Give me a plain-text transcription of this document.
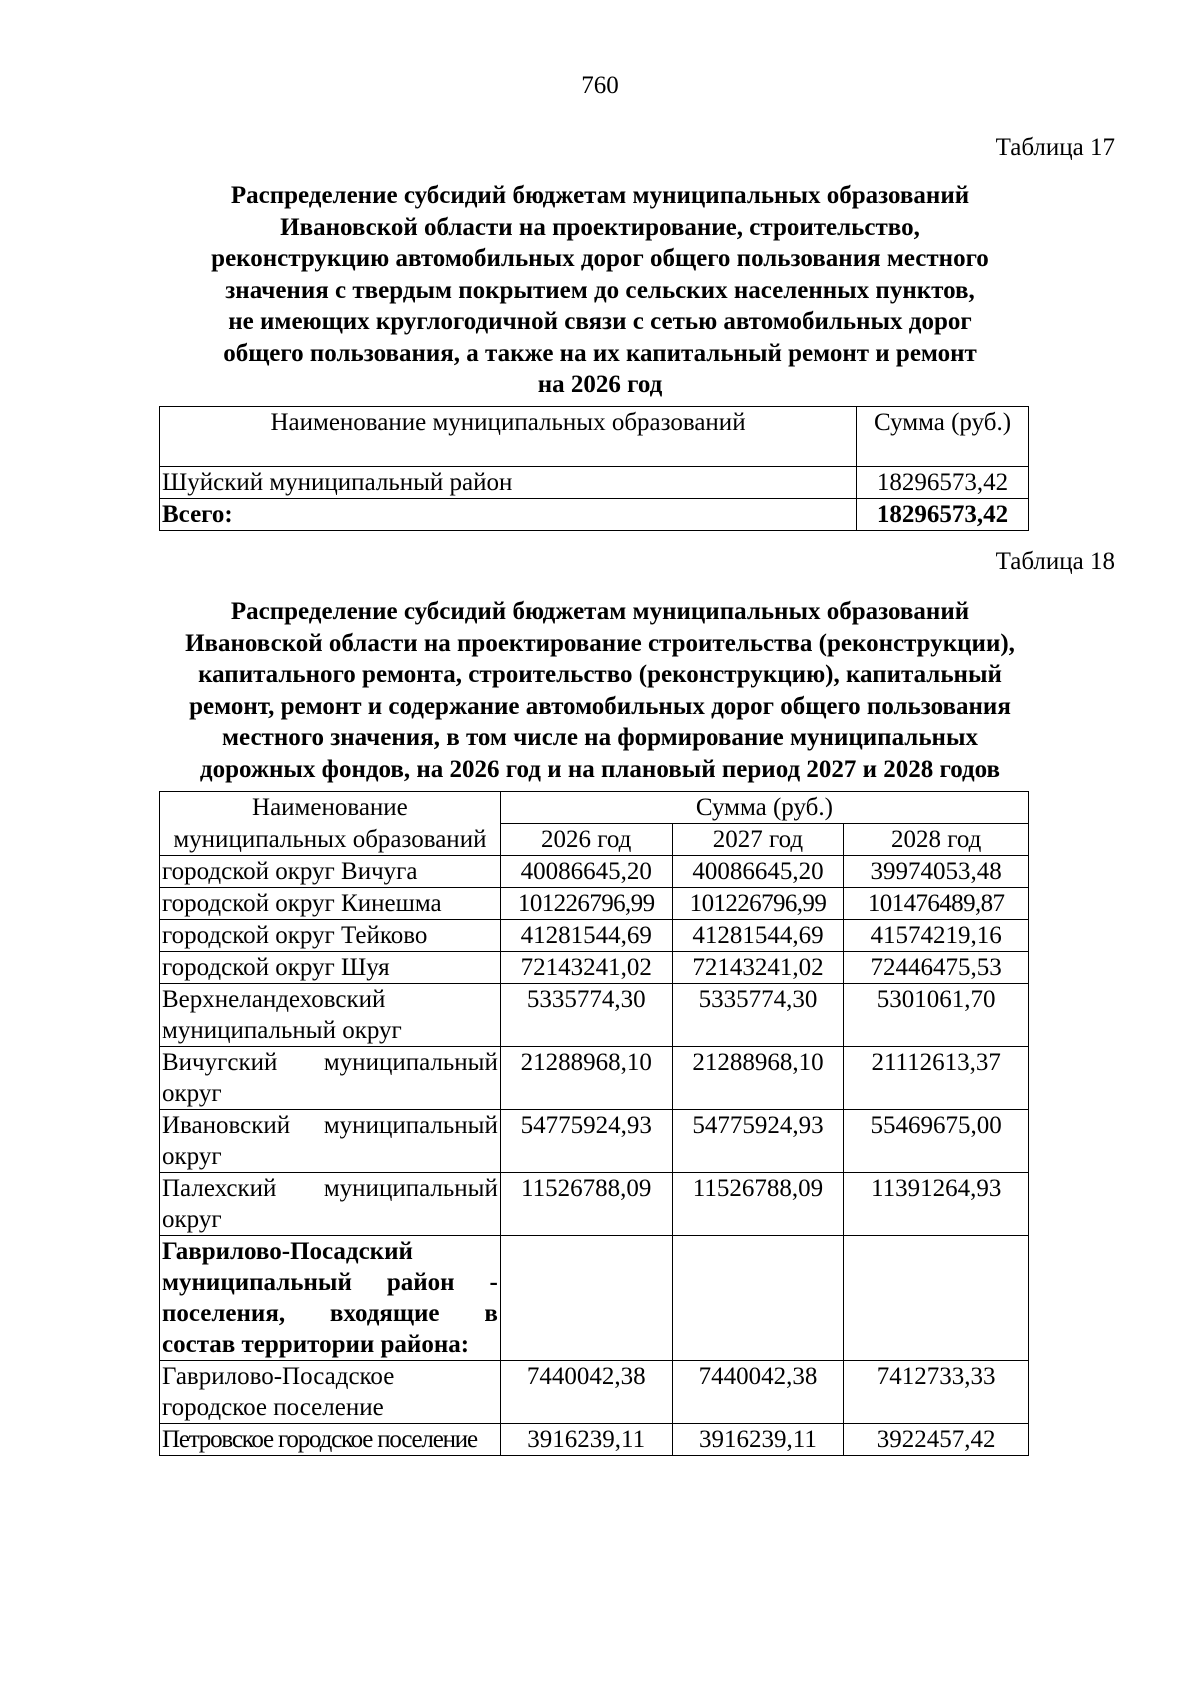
760
Таблица 17
Распределение субсидий бюджетам муниципальных образований
Ивановской области на проектирование, строительство,
реконструкцию автомобильных дорог общего пользования местного
значения с твердым покрытием до сельских населенных пунктов,
не имеющих круглогодичной связи с сетью автомобильных дорог
общего пользования, а также на их капитальный ремонт и ремонт
на 2026 год
Наименование муниципальных образований	Сумма (руб.)
Шуйский муниципальный район	18296573,42
Всего:	18296573,42
Таблица 18
Распределение субсидий бюджетам муниципальных образований
Ивановской области на проектирование строительства (реконструкции),
капитального ремонта, строительство (реконструкцию), капитальный
ремонт, ремонт и содержание автомобильных дорог общего пользования
местного значения, в том числе на формирование муниципальных
дорожных фондов, на 2026 год и на плановый период 2027 и 2028 годов
Наименование	Сумма (руб.)		
муниципальных образований	2026 год	2027 год	2028 год
городской округ Вичуга	40086645,20	40086645,20	39974053,48
городской округ Кинешма	101226796,99	101226796,99	101476489,87
городской округ Тейково	41281544,69	41281544,69	41574219,16
городской округ Шуя	72143241,02	72143241,02	72446475,53
Верхнеландеховский муниципальный округ	5335774,30	5335774,30	5301061,70
Вичугский муниципальный округ	21288968,10	21288968,10	21112613,37
Ивановский муниципальный округ	54775924,93	54775924,93	55469675,00
Палехский муниципальный округ	11526788,09	11526788,09	11391264,93
Гаврилово-Посадский муниципальный район - поселения, входящие в состав территории района:			
Гаврилово-Посадское городское поселение	7440042,38	7440042,38	7412733,33
Петровское городское поселение	3916239,11	3916239,11	3922457,42
